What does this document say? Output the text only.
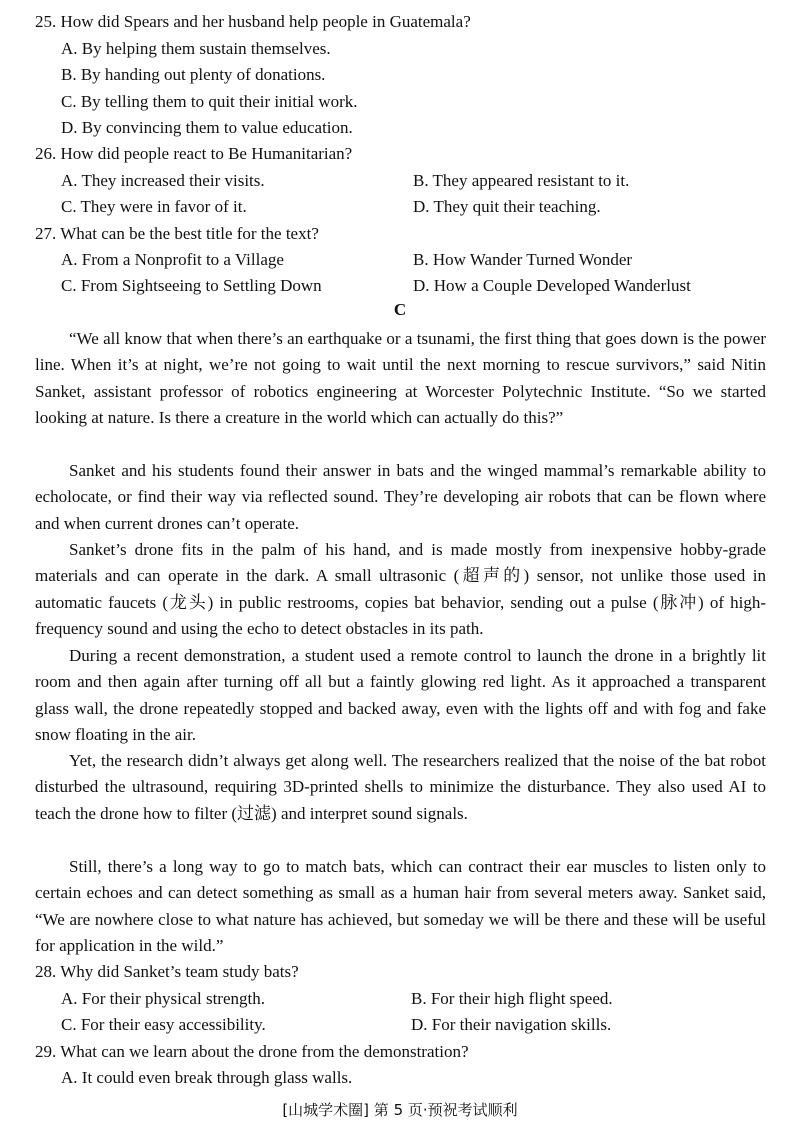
25. How did Spears and her husband help people in Guatemala?
A. By helping them sustain themselves.
B. By handing out plenty of donations.
C. By telling them to quit their initial work.
D. By convincing them to value education.
26. How did people react to Be Humanitarian?
A. They increased their visits.	B. They appeared resistant to it.
C. They were in favor of it.	D. They quit their teaching.
27. What can be the best title for the text?
A. From a Nonprofit to a Village	B. How Wander Turned Wonder
C. From Sightseeing to Settling Down	D. How a Couple Developed Wanderlust
C

“We all know that when there’s an earthquake or a tsunami, the first thing that goes down is the power line. When it’s at night, we’re not going to wait until the next morning to rescue survivors,” said Nitin Sanket, assistant professor of robotics engineering at Worcester Polytechnic Institute. “So we started looking at nature. Is there a creature in the world which can actually do this?”

Sanket and his students found their answer in bats and the winged mammal’s remarkable ability to echolocate, or find their way via reflected sound. They’re developing air robots that can be flown where and when current drones can’t operate.

Sanket’s drone fits in the palm of his hand, and is made mostly from inexpensive hobby-grade materials and can operate in the dark. A small ultrasonic (超声的) sensor, not unlike those used in automatic faucets (龙头) in public restrooms, copies bat behavior, sending out a pulse (脉冲) of high-frequency sound and using the echo to detect obstacles in its path.

During a recent demonstration, a student used a remote control to launch the drone in a brightly lit room and then again after turning off all but a faintly glowing red light. As it approached a transparent glass wall, the drone repeatedly stopped and backed away, even with the lights off and with fog and fake snow floating in the air.

Yet, the research didn’t always get along well. The researchers realized that the noise of the bat robot disturbed the ultrasound, requiring 3D-printed shells to minimize the disturbance. They also used AI to teach the drone how to filter (过滤) and interpret sound signals.

Still, there’s a long way to go to match bats, which can contract their ear muscles to listen only to certain echoes and can detect something as small as a human hair from several meters away. Sanket said, “We are nowhere close to what nature has achieved, but someday we will be there and these will be useful for application in the wild.”

28. Why did Sanket’s team study bats?
A. For their physical strength.	B. For their high flight speed.
C. For their easy accessibility.	D. For their navigation skills.
29. What can we learn about the drone from the demonstration?
A. It could even break through glass walls.
[山城学术圈] 第 5 页·预祝考试顺利
